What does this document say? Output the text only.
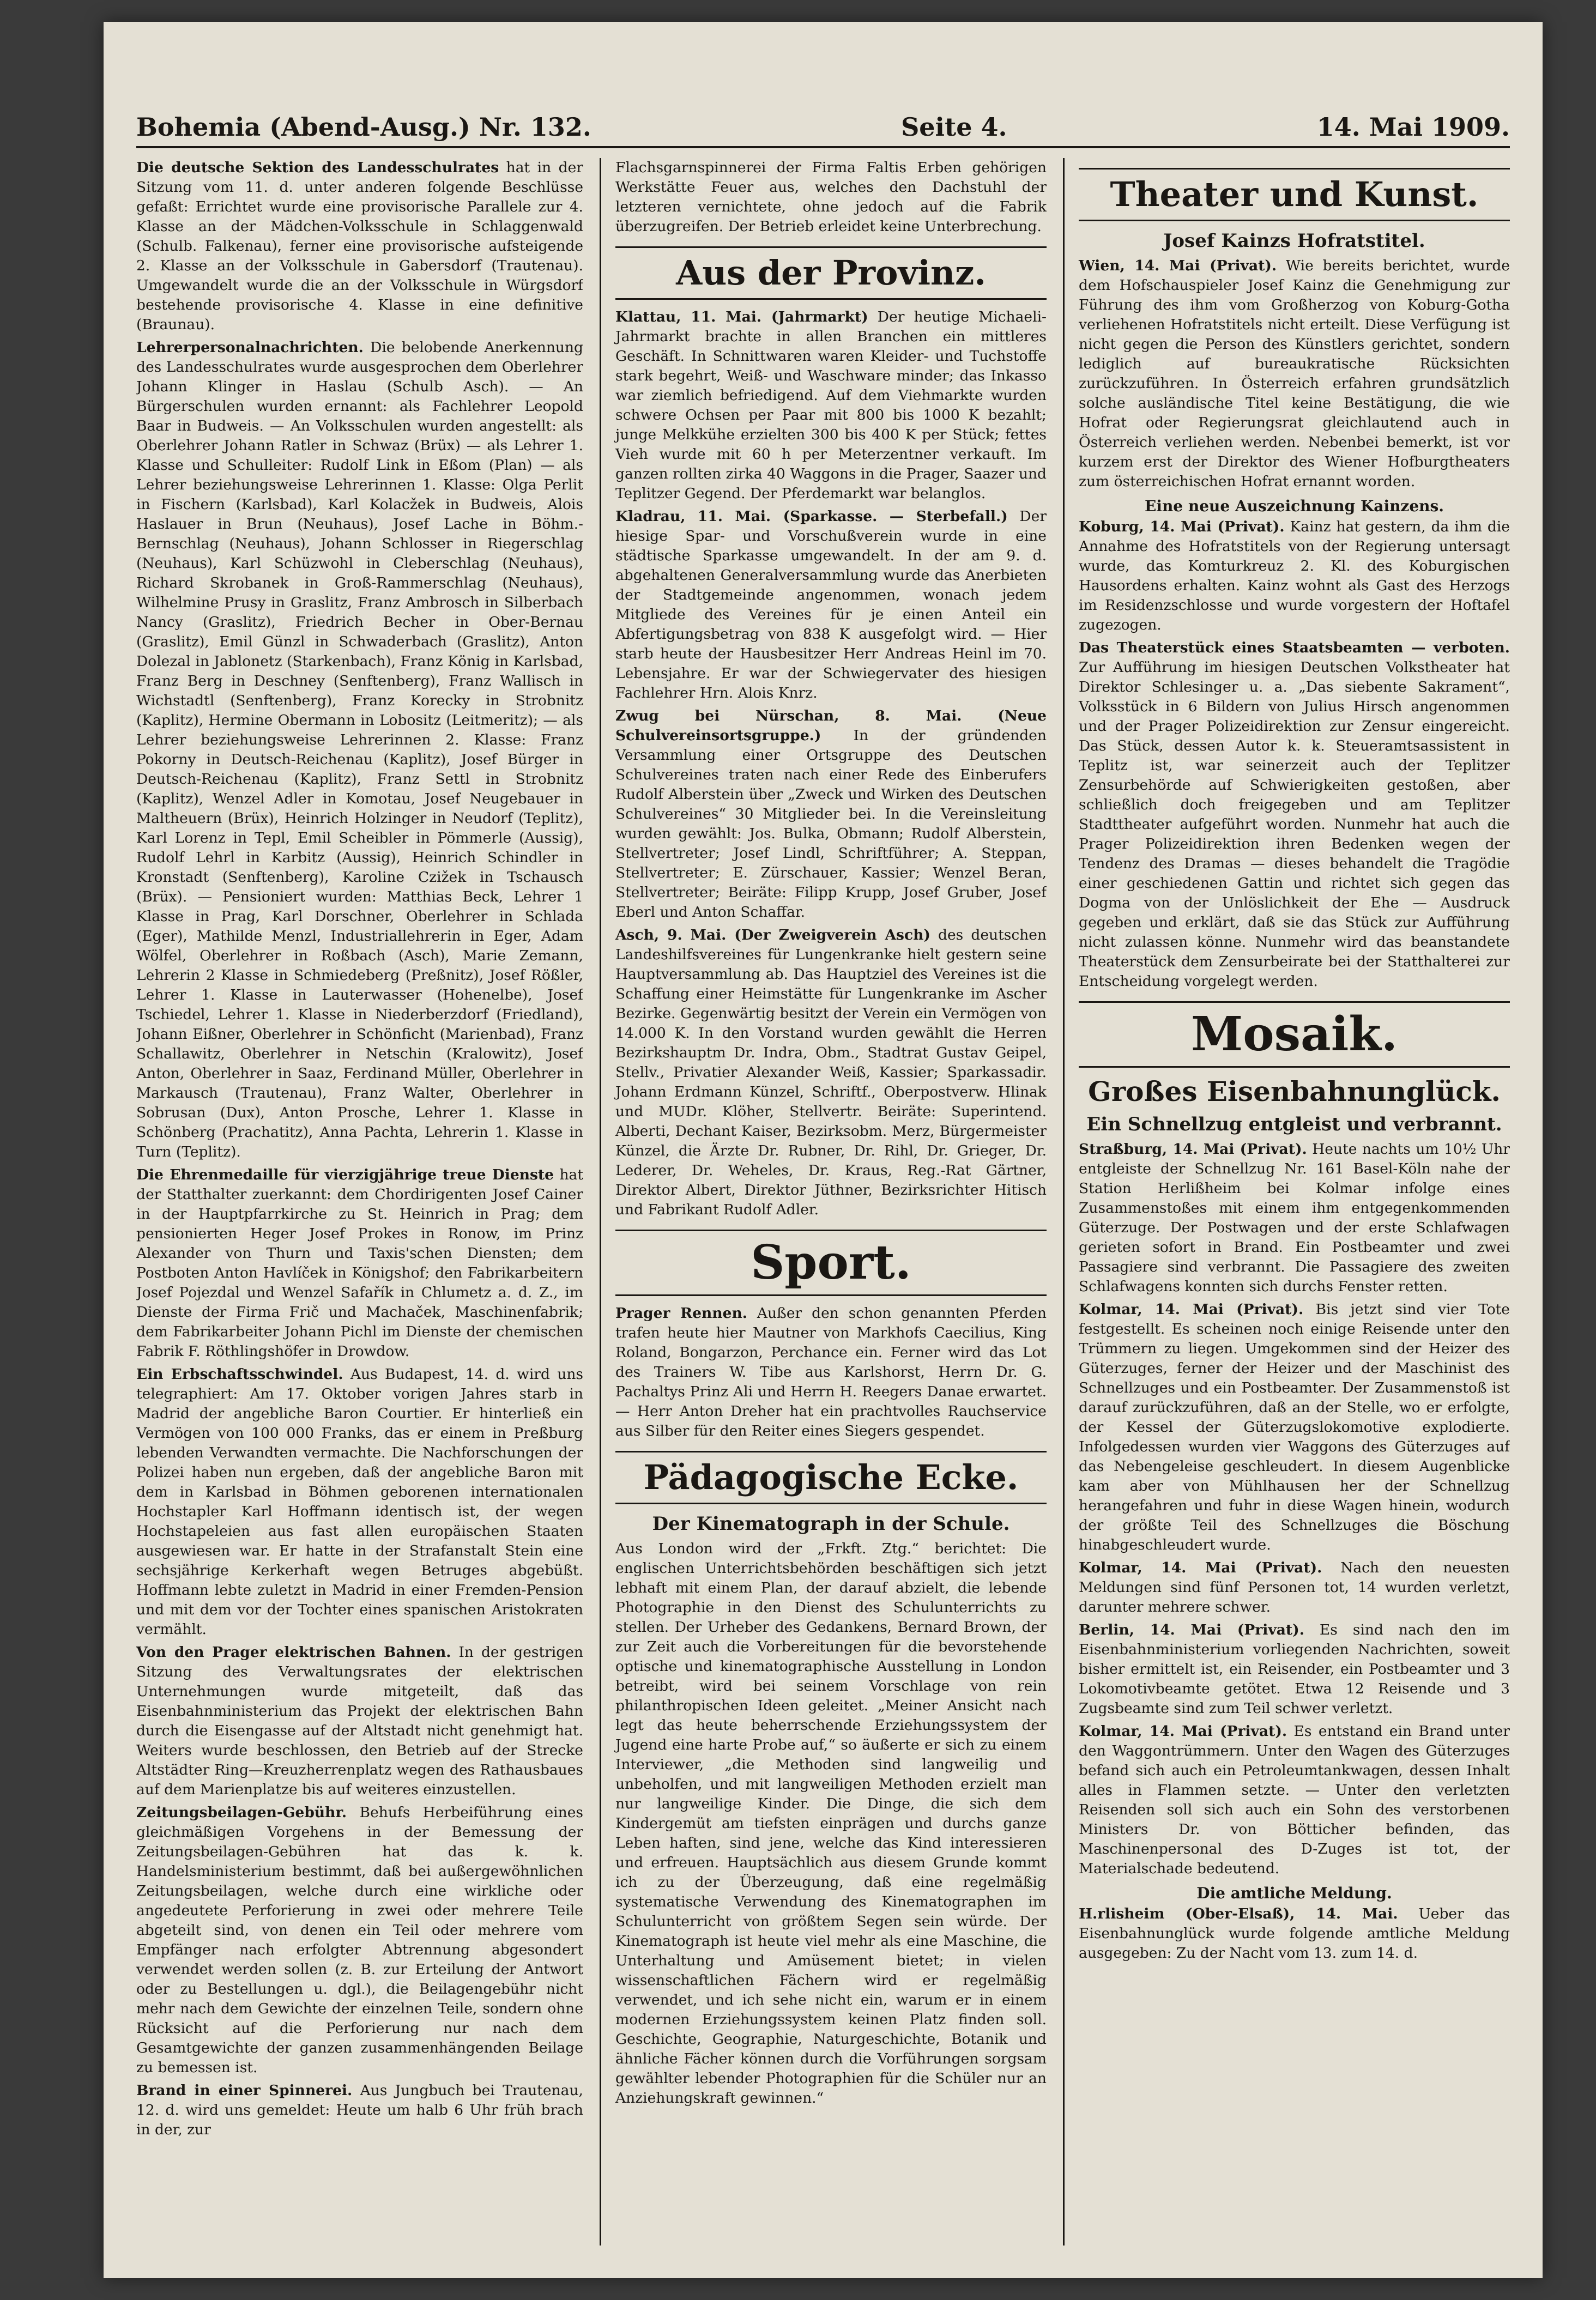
Bohemia (Abend-Ausg.) Nr. 132.	Seite 4.	14. Mai 1909.

Die deutsche Sektion des Landesschulrates hat in der Sitzung vom 11. d. unter anderen folgende Beschlüsse gefaßt: Errichtet wurde eine provisorische Parallele zur 4. Klasse an der Mädchen-Volksschule in Schlaggenwald (Schulb. Falkenau), ferner eine provisorische aufsteigende 2. Klasse an der Volksschule in Gabersdorf (Trautenau). Umgewandelt wurde die an der Volksschule in Würgsdorf bestehende provisorische 4. Klasse in eine definitive (Braunau).

Lehrerpersonalnachrichten. Die belobende Anerkennung des Landesschulrates wurde ausgesprochen dem Oberlehrer Johann Klinger in Haslau (Schulb Asch). — An Bürgerschulen wurden ernannt: als Fachlehrer Leopold Baar in Budweis. — An Volksschulen wurden angestellt: als Oberlehrer Johann Ratler in Schwaz (Brüx) — als Lehrer 1. Klasse und Schulleiter: Rudolf Link in Eßom (Plan) — als Lehrer beziehungsweise Lehrerinnen 1. Klasse: Olga Perlit in Fischern (Karlsbad), Karl Kolacžek in Budweis, Alois Haslauer in Brun (Neuhaus), Josef Lache in Böhm.-Bernschlag (Neuhaus), Johann Schlosser in Riegerschlag (Neuhaus), Karl Schüzwohl in Cleberschlag (Neuhaus), Richard Skrobanek in Groß-Rammerschlag (Neuhaus), Wilhelmine Prusy in Graslitz, Franz Ambrosch in Silberbach Nancy (Graslitz), Friedrich Becher in Ober-Bernau (Graslitz), Emil Günzl in Schwaderbach (Graslitz), Anton Dolezal in Jablonetz (Starkenbach), Franz König in Karlsbad, Franz Berg in Deschney (Senftenberg), Franz Wallisch in Wichstadtl (Senftenberg), Franz Korecky in Strobnitz (Kaplitz), Hermine Obermann in Lobositz (Leitmeritz); — als Lehrer beziehungsweise Lehrerinnen 2. Klasse: Franz Pokorny in Deutsch-Reichenau (Kaplitz), Josef Bürger in Deutsch-Reichenau (Kaplitz), Franz Settl in Strobnitz (Kaplitz), Wenzel Adler in Komotau, Josef Neugebauer in Maltheuern (Brüx), Heinrich Holzinger in Neudorf (Teplitz), Karl Lorenz in Tepl, Emil Scheibler in Pömmerle (Aussig), Rudolf Lehrl in Karbitz (Aussig), Heinrich Schindler in Kronstadt (Senftenberg), Karoline Czižek in Tschausch (Brüx). — Pensioniert wurden: Matthias Beck, Lehrer 1 Klasse in Prag, Karl Dorschner, Oberlehrer in Schlada (Eger), Mathilde Menzl, Industriallehrerin in Eger, Adam Wölfel, Oberlehrer in Roßbach (Asch), Marie Zemann, Lehrerin 2 Klasse in Schmiedeberg (Preßnitz), Josef Rößler, Lehrer 1. Klasse in Lauterwasser (Hohenelbe), Josef Tschiedel, Lehrer 1. Klasse in Niederberzdorf (Friedland), Johann Eißner, Oberlehrer in Schönficht (Marienbad), Franz Schallawitz, Oberlehrer in Netschin (Kralowitz), Josef Anton, Oberlehrer in Saaz, Ferdinand Müller, Oberlehrer in Markausch (Trautenau), Franz Walter, Oberlehrer in Sobrusan (Dux), Anton Prosche, Lehrer 1. Klasse in Schönberg (Prachatitz), Anna Pachta, Lehrerin 1. Klasse in Turn (Teplitz).

Die Ehrenmedaille für vierzigjährige treue Dienste hat der Statthalter zuerkannt: dem Chordirigenten Josef Cainer in der Hauptpfarrkirche zu St. Heinrich in Prag; dem pensionierten Heger Josef Prokes in Ronow, im Prinz Alexander von Thurn und Taxis'schen Diensten; dem Postboten Anton Havlíček in Königshof; den Fabrikarbeitern Josef Pojezdal und Wenzel Safařík in Chlumetz a. d. Z., im Dienste der Firma Frič und Machaček, Maschinenfabrik; dem Fabrikarbeiter Johann Pichl im Dienste der chemischen Fabrik F. Röthlingshöfer in Drowdow.

Ein Erbschaftsschwindel. Aus Budapest, 14. d. wird uns telegraphiert: Am 17. Oktober vorigen Jahres starb in Madrid der angebliche Baron Courtier. Er hinterließ ein Vermögen von 100 000 Franks, das er einem in Preßburg lebenden Verwandten vermachte. Die Nachforschungen der Polizei haben nun ergeben, daß der angebliche Baron mit dem in Karlsbad in Böhmen geborenen internationalen Hochstapler Karl Hoffmann identisch ist, der wegen Hochstapeleien aus fast allen europäischen Staaten ausgewiesen war. Er hatte in der Strafanstalt Stein eine sechsjährige Kerkerhaft wegen Betruges abgebüßt. Hoffmann lebte zuletzt in Madrid in einer Fremden-Pension und mit dem vor der Tochter eines spanischen Aristokraten vermählt.

Von den Prager elektrischen Bahnen. In der gestrigen Sitzung des Verwaltungsrates der elektrischen Unternehmungen wurde mitgeteilt, daß das Eisenbahnministerium das Projekt der elektrischen Bahn durch die Eisengasse auf der Altstadt nicht genehmigt hat. Weiters wurde beschlossen, den Betrieb auf der Strecke Altstädter Ring—Kreuzherrenplatz wegen des Rathausbaues auf dem Marienplatze bis auf weiteres einzustellen.

Zeitungsbeilagen-Gebühr. Behufs Herbeiführung eines gleichmäßigen Vorgehens in der Bemessung der Zeitungsbeilagen-Gebühren hat das k. k. Handelsministerium bestimmt, daß bei außergewöhnlichen Zeitungsbeilagen, welche durch eine wirkliche oder angedeutete Perforierung in zwei oder mehrere Teile abgeteilt sind, von denen ein Teil oder mehrere vom Empfänger nach erfolgter Abtrennung abgesondert verwendet werden sollen (z. B. zur Erteilung der Antwort oder zu Bestellungen u. dgl.), die Beilagengebühr nicht mehr nach dem Gewichte der einzelnen Teile, sondern ohne Rücksicht auf die Perforierung nur nach dem Gesamtgewichte der ganzen zusammenhängenden Beilage zu bemessen ist.

Brand in einer Spinnerei. Aus Jungbuch bei Trautenau, 12. d. wird uns gemeldet: Heute um halb 6 Uhr früh brach in der, zur

Flachsgarnspinnerei der Firma Faltis Erben gehörigen Werkstätte Feuer aus, welches den Dachstuhl der letzteren vernichtete, ohne jedoch auf die Fabrik überzugreifen. Der Betrieb erleidet keine Unterbrechung.

Aus der Provinz.

Klattau, 11. Mai. (Jahrmarkt) Der heutige Michaeli-Jahrmarkt brachte in allen Branchen ein mittleres Geschäft. In Schnittwaren waren Kleider- und Tuchstoffe stark begehrt, Weiß- und Waschware minder; das Inkasso war ziemlich befriedigend. Auf dem Viehmarkte wurden schwere Ochsen per Paar mit 800 bis 1000 K bezahlt; junge Melkkühe erzielten 300 bis 400 K per Stück; fettes Vieh wurde mit 60 h per Meterzentner verkauft. Im ganzen rollten zirka 40 Waggons in die Prager, Saazer und Teplitzer Gegend. Der Pferdemarkt war belanglos.

Kladrau, 11. Mai. (Sparkasse. — Sterbefall.) Der hiesige Spar- und Vorschußverein wurde in eine städtische Sparkasse umgewandelt. In der am 9. d. abgehaltenen Generalversammlung wurde das Anerbieten der Stadtgemeinde angenommen, wonach jedem Mitgliede des Vereines für je einen Anteil ein Abfertigungsbetrag von 838 K ausgefolgt wird. — Hier starb heute der Hausbesitzer Herr Andreas Heinl im 70. Lebensjahre. Er war der Schwiegervater des hiesigen Fachlehrer Hrn. Alois Knrz.

Zwug bei Nürschan, 8. Mai. (Neue Schulvereinsortsgruppe.) In der gründenden Versammlung einer Ortsgruppe des Deutschen Schulvereines traten nach einer Rede des Einberufers Rudolf Alberstein über „Zweck und Wirken des Deutschen Schulvereines“ 30 Mitglieder bei. In die Vereinsleitung wurden gewählt: Jos. Bulka, Obmann; Rudolf Alberstein, Stellvertreter; Josef Lindl, Schriftführer; A. Steppan, Stellvertreter; E. Zürschauer, Kassier; Wenzel Beran, Stellvertreter; Beiräte: Filipp Krupp, Josef Gruber, Josef Eberl und Anton Schaffar.

Asch, 9. Mai. (Der Zweigverein Asch) des deutschen Landeshilfsvereines für Lungenkranke hielt gestern seine Hauptversammlung ab. Das Hauptziel des Vereines ist die Schaffung einer Heimstätte für Lungenkranke im Ascher Bezirke. Gegenwärtig besitzt der Verein ein Vermögen von 14.000 K. In den Vorstand wurden gewählt die Herren Bezirkshauptm Dr. Indra, Obm., Stadtrat Gustav Geipel, Stellv., Privatier Alexander Weiß, Kassier; Sparkassadir. Johann Erdmann Künzel, Schriftf., Oberpostverw. Hlinak und MUDr. Klöher, Stellvertr. Beiräte: Superintend. Alberti, Dechant Kaiser, Bezirksobm. Merz, Bürgermeister Künzel, die Ärzte Dr. Rubner, Dr. Rihl, Dr. Grieger, Dr. Lederer, Dr. Weheles, Dr. Kraus, Reg.-Rat Gärtner, Direktor Albert, Direktor Jüthner, Bezirksrichter Hitisch und Fabrikant Rudolf Adler.

Sport.

Prager Rennen. Außer den schon genannten Pferden trafen heute hier Mautner von Markhofs Caecilius, King Roland, Bongarzon, Perchance ein. Ferner wird das Lot des Trainers W. Tibe aus Karlshorst, Herrn Dr. G. Pachaltys Prinz Ali und Herrn H. Reegers Danae erwartet. — Herr Anton Dreher hat ein prachtvolles Rauchservice aus Silber für den Reiter eines Siegers gespendet.

Pädagogische Ecke.
Der Kinematograph in der Schule.

Aus London wird der „Frkft. Ztg.“ berichtet: Die englischen Unterrichtsbehörden beschäftigen sich jetzt lebhaft mit einem Plan, der darauf abzielt, die lebende Photographie in den Dienst des Schulunterrichts zu stellen. Der Urheber des Gedankens, Bernard Brown, der zur Zeit auch die Vorbereitungen für die bevorstehende optische und kinematographische Ausstellung in London betreibt, wird bei seinem Vorschlage von rein philanthropischen Ideen geleitet. „Meiner Ansicht nach legt das heute beherrschende Erziehungssystem der Jugend eine harte Probe auf,“ so äußerte er sich zu einem Interviewer, „die Methoden sind langweilig und unbeholfen, und mit langweiligen Methoden erzielt man nur langweilige Kinder. Die Dinge, die sich dem Kindergemüt am tiefsten einprägen und durchs ganze Leben haften, sind jene, welche das Kind interessieren und erfreuen. Hauptsächlich aus diesem Grunde kommt ich zu der Überzeugung, daß eine regelmäßig systematische Verwendung des Kinematographen im Schulunterricht von größtem Segen sein würde. Der Kinematograph ist heute viel mehr als eine Maschine, die Unterhaltung und Amüsement bietet; in vielen wissenschaftlichen Fächern wird er regelmäßig verwendet, und ich sehe nicht ein, warum er in einem modernen Erziehungssystem keinen Platz finden soll. Geschichte, Geographie, Naturgeschichte, Botanik und ähnliche Fächer können durch die Vorführungen sorgsam gewählter lebender Photographien für die Schüler nur an Anziehungskraft gewinnen.“

Theater und Kunst.
Josef Kainzs Hofratstitel.

Wien, 14. Mai (Privat). Wie bereits berichtet, wurde dem Hofschauspieler Josef Kainz die Genehmigung zur Führung des ihm vom Großherzog von Koburg-Gotha verliehenen Hofratstitels nicht erteilt. Diese Verfügung ist nicht gegen die Person des Künstlers gerichtet, sondern lediglich auf bureaukratische Rücksichten zurückzuführen. In Österreich erfahren grundsätzlich solche ausländische Titel keine Bestätigung, die wie Hofrat oder Regierungsrat gleichlautend auch in Österreich verliehen werden. Nebenbei bemerkt, ist vor kurzem erst der Direktor des Wiener Hofburgtheaters zum österreichischen Hofrat ernannt worden.

Eine neue Auszeichnung Kainzens.

Koburg, 14. Mai (Privat). Kainz hat gestern, da ihm die Annahme des Hofratstitels von der Regierung untersagt wurde, das Komturkreuz 2. Kl. des Koburgischen Hausordens erhalten. Kainz wohnt als Gast des Herzogs im Residenzschlosse und wurde vorgestern der Hoftafel zugezogen.

Das Theaterstück eines Staatsbeamten — verboten. Zur Aufführung im hiesigen Deutschen Volkstheater hat Direktor Schlesinger u. a. „Das siebente Sakrament“, Volksstück in 6 Bildern von Julius Hirsch angenommen und der Prager Polizeidirektion zur Zensur eingereicht. Das Stück, dessen Autor k. k. Steueramtsassistent in Teplitz ist, war seinerzeit auch der Teplitzer Zensurbehörde auf Schwierigkeiten gestoßen, aber schließlich doch freigegeben und am Teplitzer Stadttheater aufgeführt worden. Nunmehr hat auch die Prager Polizeidirektion ihren Bedenken wegen der Tendenz des Dramas — dieses behandelt die Tragödie einer geschiedenen Gattin und richtet sich gegen das Dogma von der Unlöslichkeit der Ehe — Ausdruck gegeben und erklärt, daß sie das Stück zur Aufführung nicht zulassen könne. Nunmehr wird das beanstandete Theaterstück dem Zensurbeirate bei der Statthalterei zur Entscheidung vorgelegt werden.

Mosaik.
Großes Eisenbahnunglück.
Ein Schnellzug entgleist und verbrannt.

Straßburg, 14. Mai (Privat). Heute nachts um 10½ Uhr entgleiste der Schnellzug Nr. 161 Basel-Köln nahe der Station Herlißheim bei Kolmar infolge eines Zusammenstoßes mit einem ihm entgegenkommenden Güterzuge. Der Postwagen und der erste Schlafwagen gerieten sofort in Brand. Ein Postbeamter und zwei Passagiere sind verbrannt. Die Passagiere des zweiten Schlafwagens konnten sich durchs Fenster retten.

Kolmar, 14. Mai (Privat). Bis jetzt sind vier Tote festgestellt. Es scheinen noch einige Reisende unter den Trümmern zu liegen. Umgekommen sind der Heizer des Güterzuges, ferner der Heizer und der Maschinist des Schnellzuges und ein Postbeamter. Der Zusammenstoß ist darauf zurückzuführen, daß an der Stelle, wo er erfolgte, der Kessel der Güterzugslokomotive explodierte. Infolgedessen wurden vier Waggons des Güterzuges auf das Nebengeleise geschleudert. In diesem Augenblicke kam aber von Mühlhausen her der Schnellzug herangefahren und fuhr in diese Wagen hinein, wodurch der größte Teil des Schnellzuges die Böschung hinabgeschleudert wurde.

Kolmar, 14. Mai (Privat). Nach den neuesten Meldungen sind fünf Personen tot, 14 wurden verletzt, darunter mehrere schwer.

Berlin, 14. Mai (Privat). Es sind nach den im Eisenbahnministerium vorliegenden Nachrichten, soweit bisher ermittelt ist, ein Reisender, ein Postbeamter und 3 Lokomotivbeamte getötet. Etwa 12 Reisende und 3 Zugsbeamte sind zum Teil schwer verletzt.

Kolmar, 14. Mai (Privat). Es entstand ein Brand unter den Waggontrümmern. Unter den Wagen des Güterzuges befand sich auch ein Petroleumtankwagen, dessen Inhalt alles in Flammen setzte. — Unter den verletzten Reisenden soll sich auch ein Sohn des verstorbenen Ministers Dr. von Bötticher befinden, das Maschinenpersonal des D-Zuges ist tot, der Materialschade bedeutend.

Die amtliche Meldung.

H.rlisheim (Ober-Elsaß), 14. Mai. Ueber das Eisenbahnunglück wurde folgende amtliche Meldung ausgegeben: Zu der Nacht vom 13. zum 14. d.
